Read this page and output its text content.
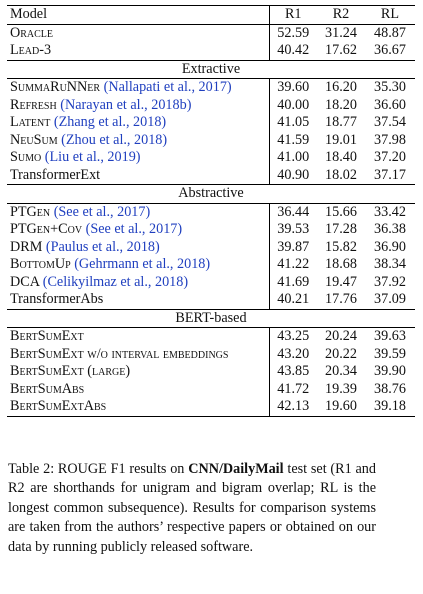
Model	R1	R2	RL
Oracle	52.59	31.24	48.87
Lead-3	40.42	17.62	36.67
Extractive			
SummaRuNNer (Nallapati et al., 2017)	39.60	16.20	35.30
Refresh (Narayan et al., 2018b)	40.00	18.20	36.60
Latent (Zhang et al., 2018)	41.05	18.77	37.54
NeuSum (Zhou et al., 2018)	41.59	19.01	37.98
Sumo (Liu et al., 2019)	41.00	18.40	37.20
TransformerExt	40.90	18.02	37.17
Abstractive			
PTGen (See et al., 2017)	36.44	15.66	33.42
PTGen+Cov (See et al., 2017)	39.53	17.28	36.38
DRM (Paulus et al., 2018)	39.87	15.82	36.90
BottomUp (Gehrmann et al., 2018)	41.22	18.68	38.34
DCA (Celikyilmaz et al., 2018)	41.69	19.47	37.92
TransformerAbs	40.21	17.76	37.09
BERT-based			
BertSumExt	43.25	20.24	39.63
BertSumExt w/o interval embeddings	43.20	20.22	39.59
BertSumExt (large)	43.85	20.34	39.90
BertSumAbs	41.72	19.39	38.76
BertSumExtAbs	42.13	19.60	39.18

Table 2: ROUGE F1 results on CNN/DailyMail test set (R1 and R2 are shorthands for unigram and bigram overlap; RL is the longest common subsequence). Results for comparison systems are taken from the authors’ respective papers or obtained on our data by running publicly released software.
